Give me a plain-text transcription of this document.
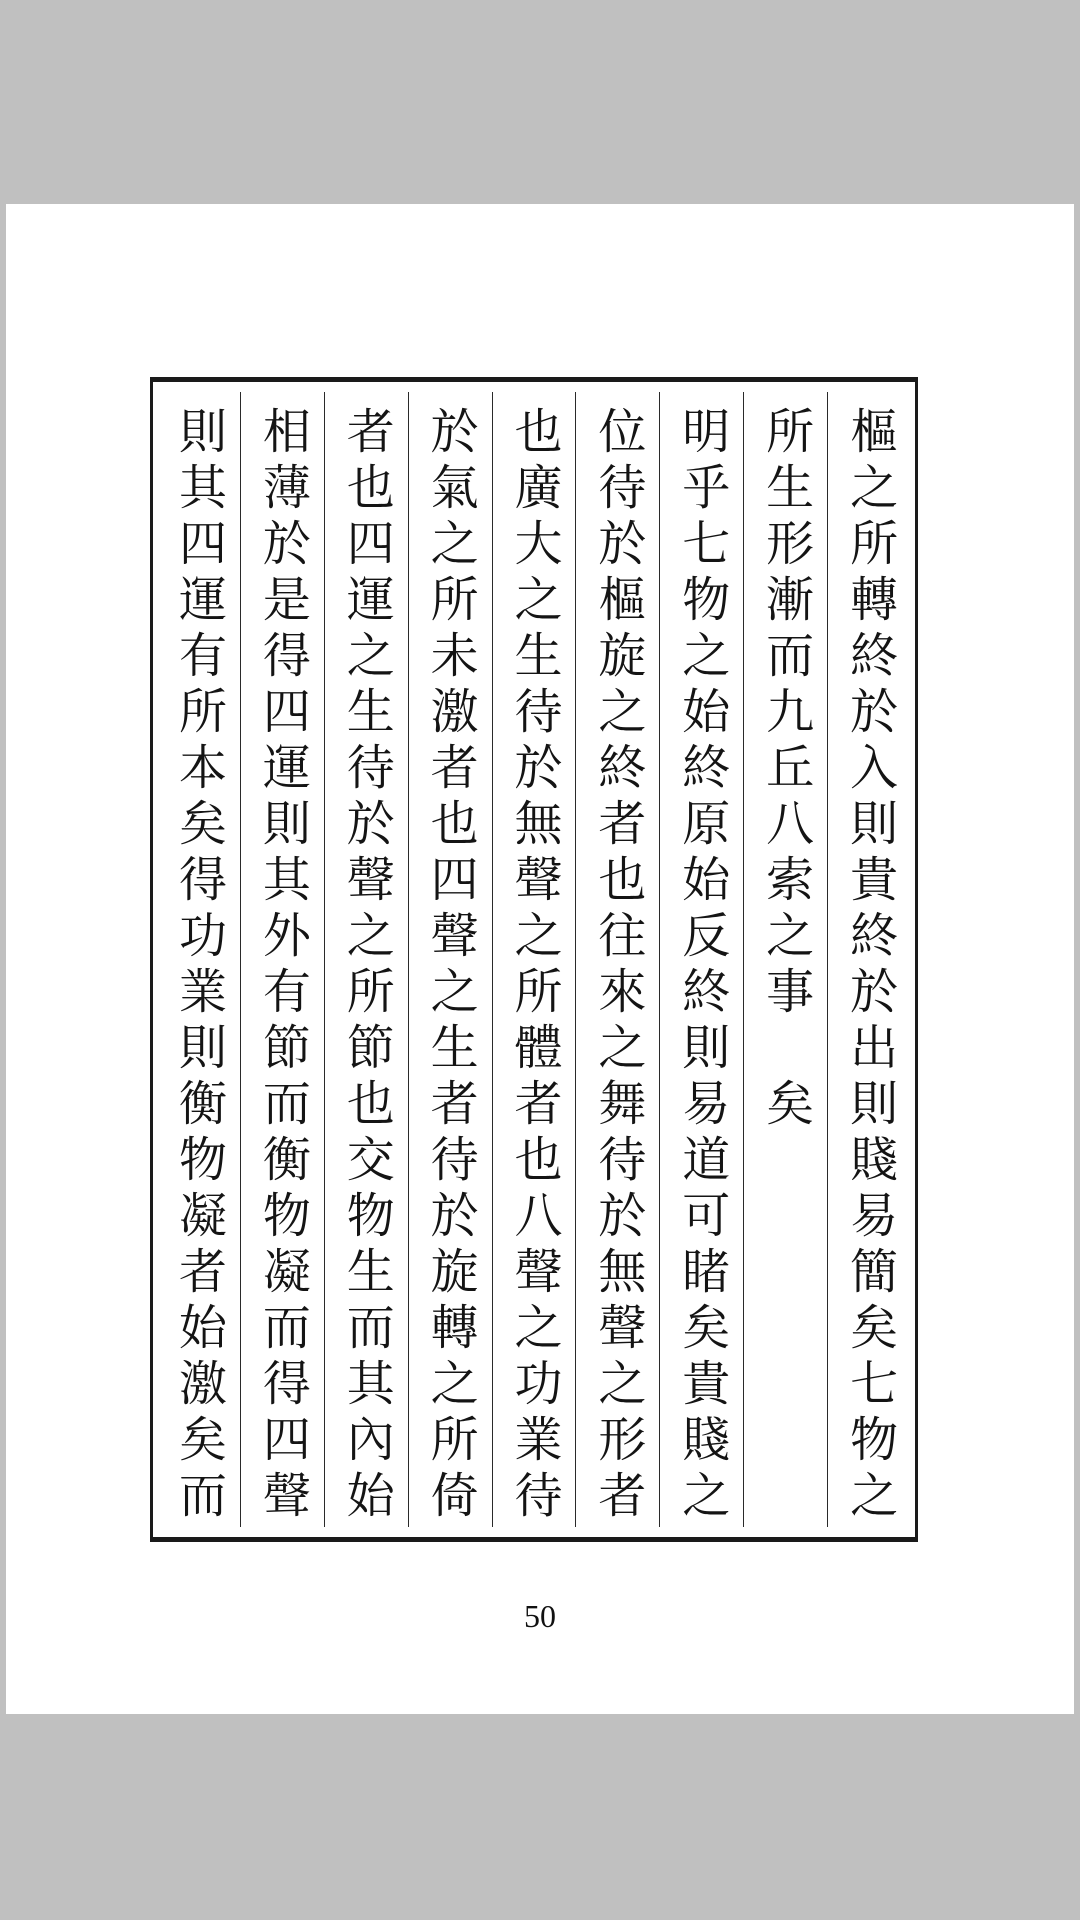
樞之所轉終於入則貴終於出則賤易簡矣七物之
所生形漸而九丘八索之事　矣
明乎七物之始終原始反終則易道可睹矣貴賤之
位待於樞旋之終者也往來之舞待於無聲之形者
也廣大之生待於無聲之所體者也八聲之功業待
於氣之所未激者也四聲之生者待於旋轉之所倚
者也四運之生待於聲之所節也交物生而其內始
相薄於是得四運則其外有節而衡物凝而得四聲
則其四運有所本矣得功業則衡物凝者始激矣而
50
